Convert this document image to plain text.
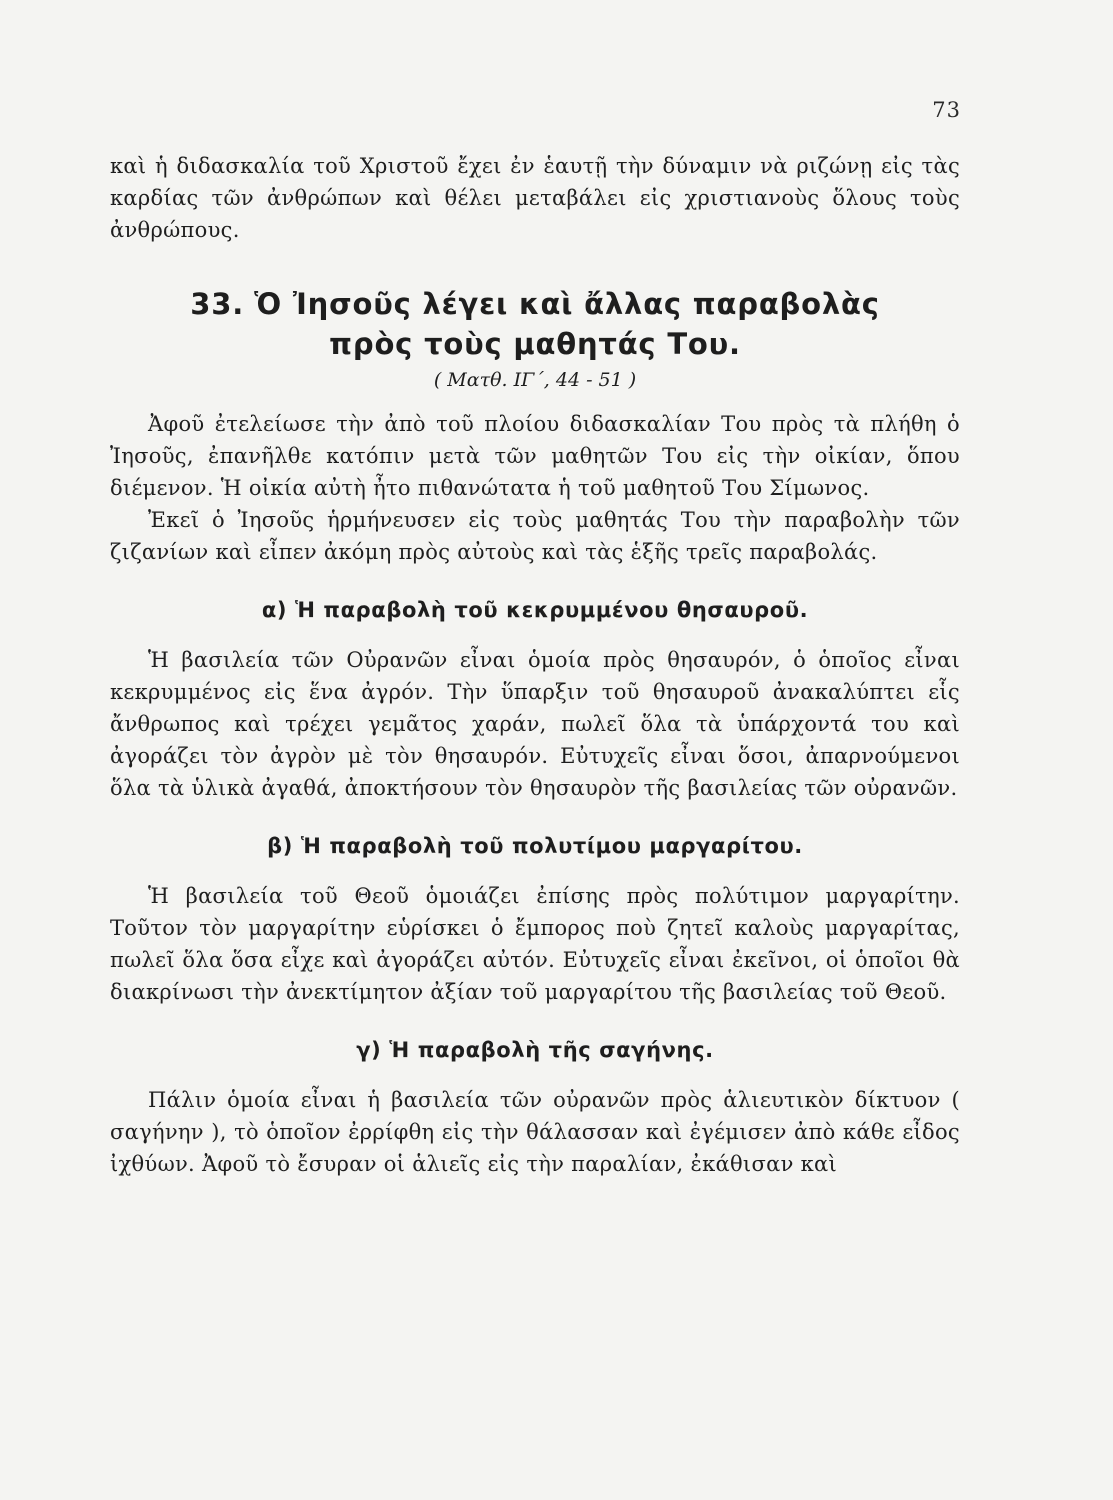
73

καὶ ἡ διδασκαλία τοῦ Χριστοῦ ἔχει ἐν ἑαυτῇ τὴν δύναμιν νὰ ριζώνῃ εἰς τὰς καρδίας τῶν ἀνθρώπων καὶ θέλει μεταβάλει εἰς χριστιανοὺς ὅλους τοὺς ἀνθρώπους.

33. Ὁ Ἰησοῦς λέγει καὶ ἄλλας παραβολὰς
πρὸς τοὺς μαθητάς Του.
( Ματθ. ΙΓ΄, 44 - 51 )

Ἀφοῦ ἐτελείωσε τὴν ἀπὸ τοῦ πλοίου διδασκαλίαν Του πρὸς τὰ πλήθη ὁ Ἰησοῦς, ἐπανῆλθε κατόπιν μετὰ τῶν μαθητῶν Του εἰς τὴν οἰκίαν, ὅπου διέμενον. Ἡ οἰκία αὐτὴ ἦτο πιθανώτατα ἡ τοῦ μαθητοῦ Του Σίμωνος.

Ἐκεῖ ὁ Ἰησοῦς ἡρμήνευσεν εἰς τοὺς μαθητάς Του τὴν παραβολὴν τῶν ζιζανίων καὶ εἶπεν ἀκόμη πρὸς αὐτοὺς καὶ τὰς ἑξῆς τρεῖς παραβολάς.

α) Ἡ παραβολὴ τοῦ κεκρυμμένου θησαυροῦ.

Ἡ βασιλεία τῶν Οὐρανῶν εἶναι ὁμοία πρὸς θησαυρόν, ὁ ὁποῖος εἶναι κεκρυμμένος εἰς ἕνα ἀγρόν. Τὴν ὕπαρξιν τοῦ θησαυροῦ ἀνακαλύπτει εἷς ἄνθρωπος καὶ τρέχει γεμᾶτος χαράν, πωλεῖ ὅλα τὰ ὑπάρχοντά του καὶ ἀγοράζει τὸν ἀγρὸν μὲ τὸν θησαυρόν. Εὐτυχεῖς εἶναι ὅσοι, ἀπαρνούμενοι ὅλα τὰ ὑλικὰ ἀγαθά, ἀποκτήσουν τὸν θησαυρὸν τῆς βασιλείας τῶν οὐρανῶν.

β) Ἡ παραβολὴ τοῦ πολυτίμου μαργαρίτου.

Ἡ βασιλεία τοῦ Θεοῦ ὁμοιάζει ἐπίσης πρὸς πολύτιμον μαργαρίτην. Τοῦτον τὸν μαργαρίτην εὑρίσκει ὁ ἔμπορος ποὺ ζητεῖ καλοὺς μαργαρίτας, πωλεῖ ὅλα ὅσα εἶχε καὶ ἀγοράζει αὐτόν. Εὐτυχεῖς εἶναι ἐκεῖνοι, οἱ ὁποῖοι θὰ διακρίνωσι τὴν ἀνεκτίμητον ἀξίαν τοῦ μαργαρίτου τῆς βασιλείας τοῦ Θεοῦ.

γ) Ἡ παραβολὴ τῆς σαγήνης.

Πάλιν ὁμοία εἶναι ἡ βασιλεία τῶν οὐρανῶν πρὸς ἁλιευτικὸν δίκτυον ( σαγήνην ), τὸ ὁποῖον ἐρρίφθη εἰς τὴν θάλασσαν καὶ ἐγέμισεν ἀπὸ κάθε εἶδος ἰχθύων. Ἀφοῦ τὸ ἔσυραν οἱ ἁλιεῖς εἰς τὴν παραλίαν, ἐκάθισαν καὶ
